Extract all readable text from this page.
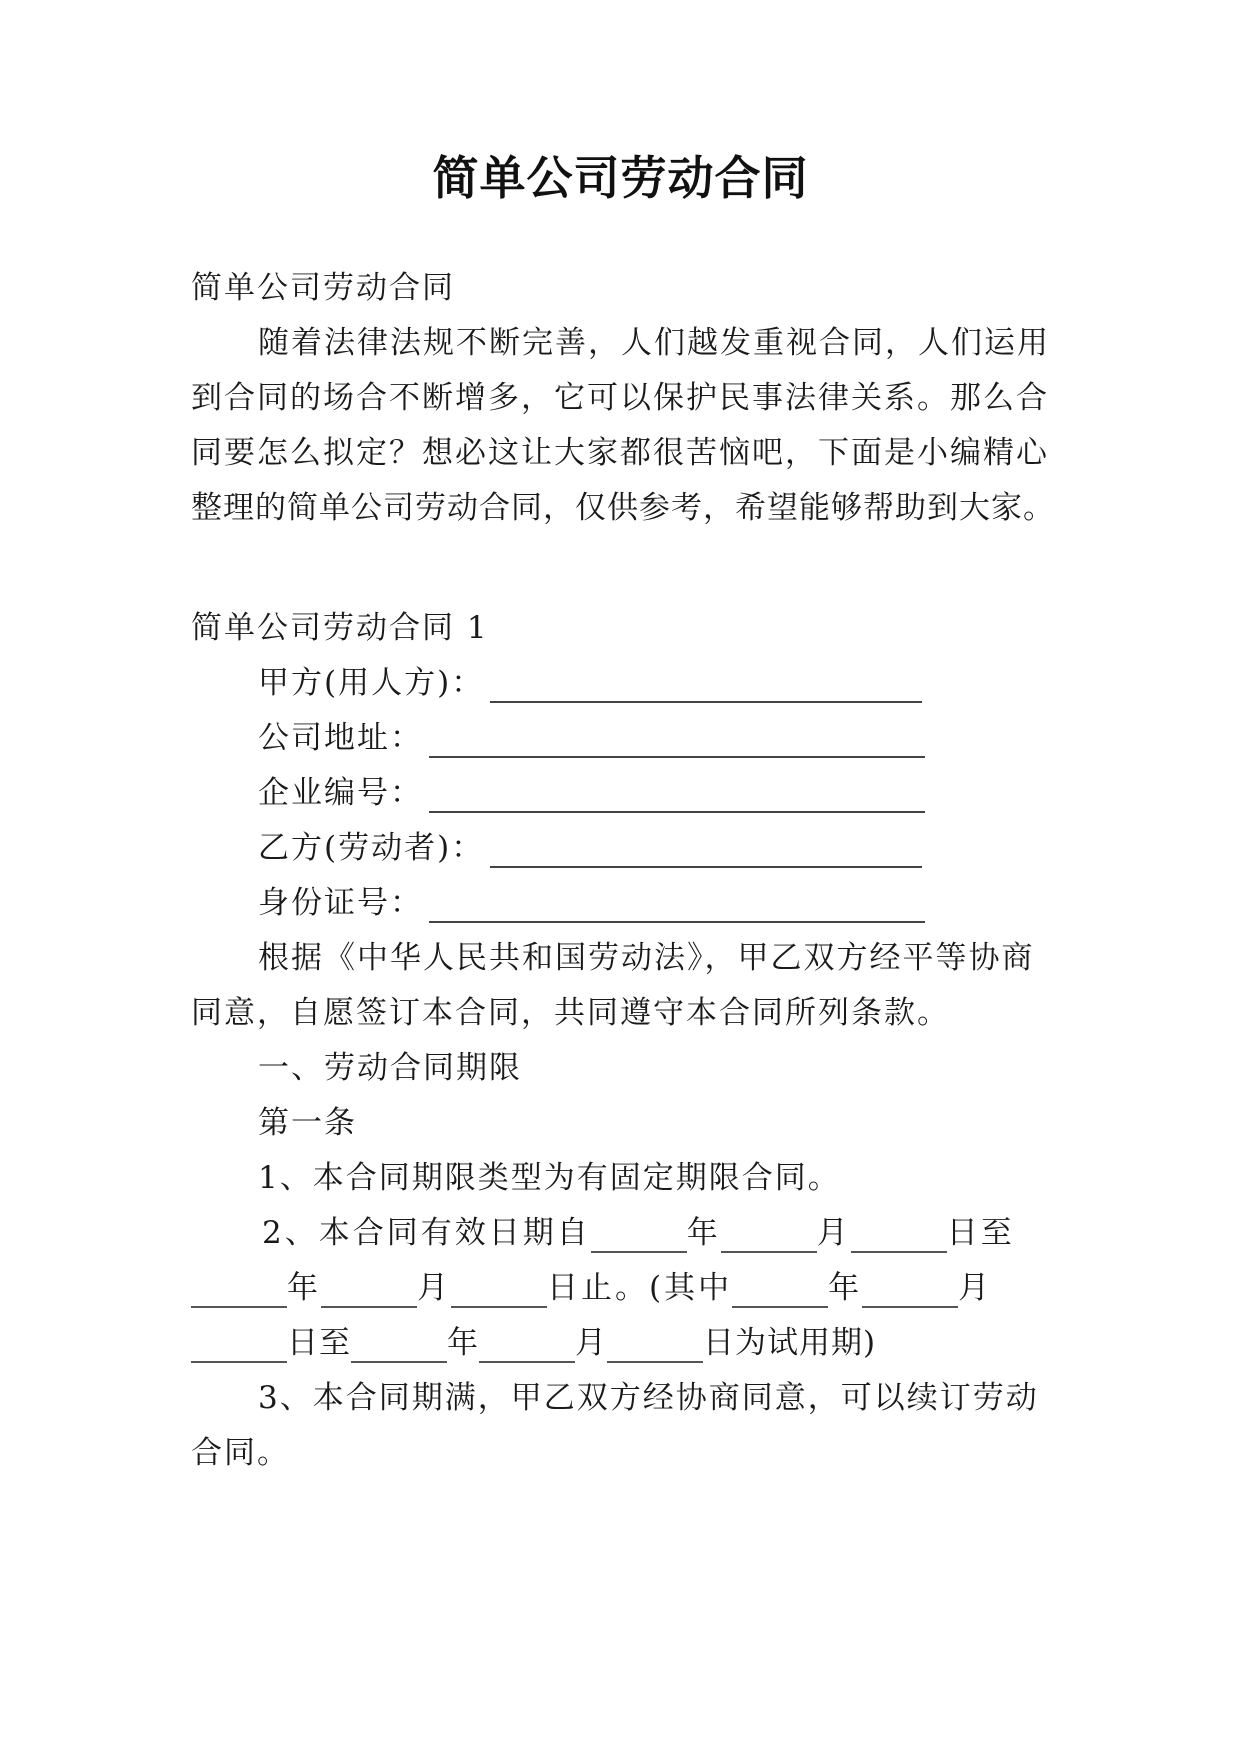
简单公司劳动合同
简单公司劳动合同
随着法律法规不断完善，人们越发重视合同，人们运用
到合同的场合不断增多，它可以保护民事法律关系。那么合
同要怎么拟定？想必这让大家都很苦恼吧，下面是小编精心
整理的简单公司劳动合同，仅供参考，希望能够帮助到大家。
简单公司劳动合同 1
甲方(用人方)：
公司地址：
企业编号：
乙方(劳动者)：
身份证号：
根据《中华人民共和国劳动法》，甲乙双方经平等协商
同意，自愿签订本合同，共同遵守本合同所列条款。
一、劳动合同期限
第一条
1、本合同期限类型为有固定期限合同。
2、本合同有效日期自	年	月	日至
年	月	日止。(其中	年	月
日至	年	月	日为试用期)
3、本合同期满，甲乙双方经协商同意，可以续订劳动
合同。
